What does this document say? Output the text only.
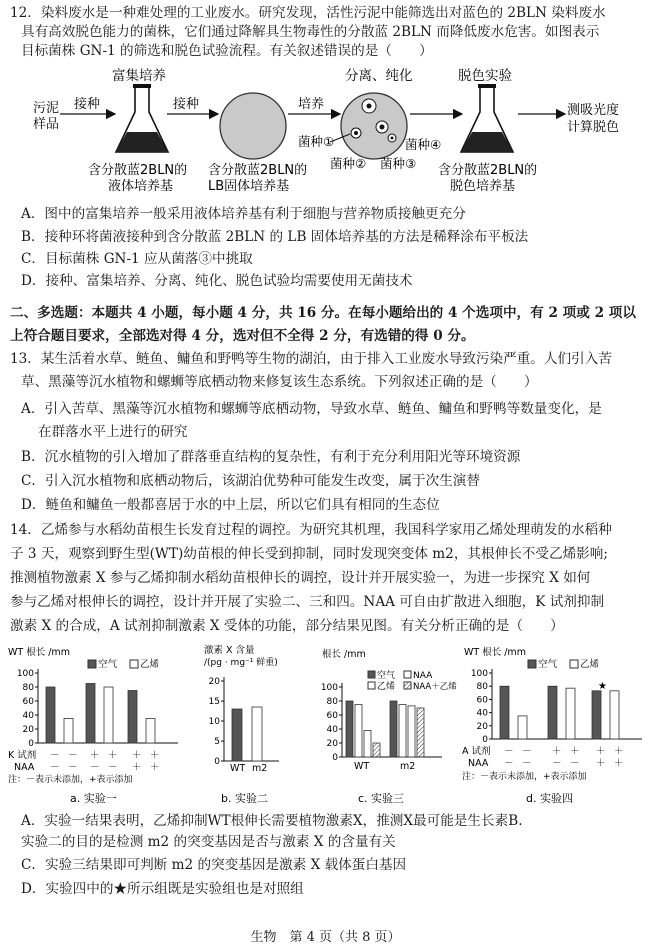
12．染料废水是一种难处理的工业废水。研究发现，活性污泥中能筛选出对蓝色的 2BLN 染料废水
具有高效脱色能力的菌株，它们通过降解具生物毒性的分散蓝 2BLN 而降低废水危害。如图表示
目标菌株 GN-1 的筛选和脱色试验流程。有关叙述错误的是（　　）
富集培养	分离、纯化	脱色实验
污泥
样品
接种	接种	培养
菌种①
菌种② 菌种③
菌种④
测吸光度
计算脱色
含分散蓝2BLN的
液体培养基
含分散蓝2BLN的
LB固体培养基
含分散蓝2BLN的
脱色培养基
A．图中的富集培养一般采用液体培养基有利于细胞与营养物质接触更充分
B．接种环将菌液接种到含分散蓝 2BLN 的 LB 固体培养基的方法是稀释涂布平板法
C．目标菌株 GN-1 应从菌落③中挑取
D．接种、富集培养、分离、纯化、脱色试验均需要使用无菌技术
二、多选题：本题共 4 小题，每小题 4 分，共 16 分。在每小题给出的 4 个选项中，有 2 项或 2 项以
上符合题目要求，全部选对得 4 分，选对但不全得 2 分，有选错的得 0 分。
13．某生活着水草、鲢鱼、鳙鱼和野鸭等生物的湖泊，由于排入工业废水导致污染严重。人们引入苦
草、黑藻等沉水植物和螺蛳等底栖动物来修复该生态系统。下列叙述正确的是（　　）
A．引入苦草、黑藻等沉水植物和螺蛳等底栖动物，导致水草、鲢鱼、鳙鱼和野鸭等数量变化，是
在群落水平上进行的研究
B．沉水植物的引入增加了群落垂直结构的复杂性，有利于充分利用阳光等环境资源
C．引入沉水植物和底栖动物后，该湖泊优势种可能发生改变，属于次生演替
D．鲢鱼和鳙鱼一般都喜居于水的中上层，所以它们具有相同的生态位
14．乙烯参与水稻幼苗根生长发育过程的调控。为研究其机理，我国科学家用乙烯处理萌发的水稻种
子 3 天，观察到野生型(WT)幼苗根的伸长受到抑制，同时发现突变体 m2，其根伸长不受乙烯影响;
推测植物激素 X 参与乙烯抑制水稻幼苗根伸长的调控，设计并开展实验一，为进一步探究 X 如何
参与乙烯对根伸长的调控，设计并开展了实验二、三和四。NAA 可自由扩散进入细胞，K 试剂抑制
激素 X 的合成，A 试剂抑制激素 X 受体的功能，部分结果见图。有关分析正确的是（　　）
WT 根长 /mm
空气 乙烯
K 试剂
NAA
注：－表示未添加，+表示添加
a. 实验一
0
20
40
60
80
100
－ － ＋ ＋ ＋ ＋
－ － － － ＋ ＋
激素 X 含量
/(pg · mg⁻¹ 鲜重)
WT m2
b. 实验二
0
5
10
15
20
根长 /mm
空气 NAA
乙烯 NAA＋乙烯
WT	m2
c. 实验三
0
20
40
60
80
100
WT 根长 /mm
空气 乙烯
A 试剂
NAA
注：－表示未添加，+表示添加
d. 实验四
0
20
40
60
80
100
★
－ － ＋ ＋ ＋ ＋
－ － － － ＋ ＋
A．实验一结果表明，乙烯抑制WT根伸长需要植物激素X，推测X最可能是生长素B.
实验二的目的是检测 m2 的突变基因是否与激素 X 的含量有关
C．实验三结果即可判断 m2 的突变基因是激素 X 载体蛋白基因
D．实验四中的★所示组既是实验组也是对照组
生物　第 4 页（共 8 页）
